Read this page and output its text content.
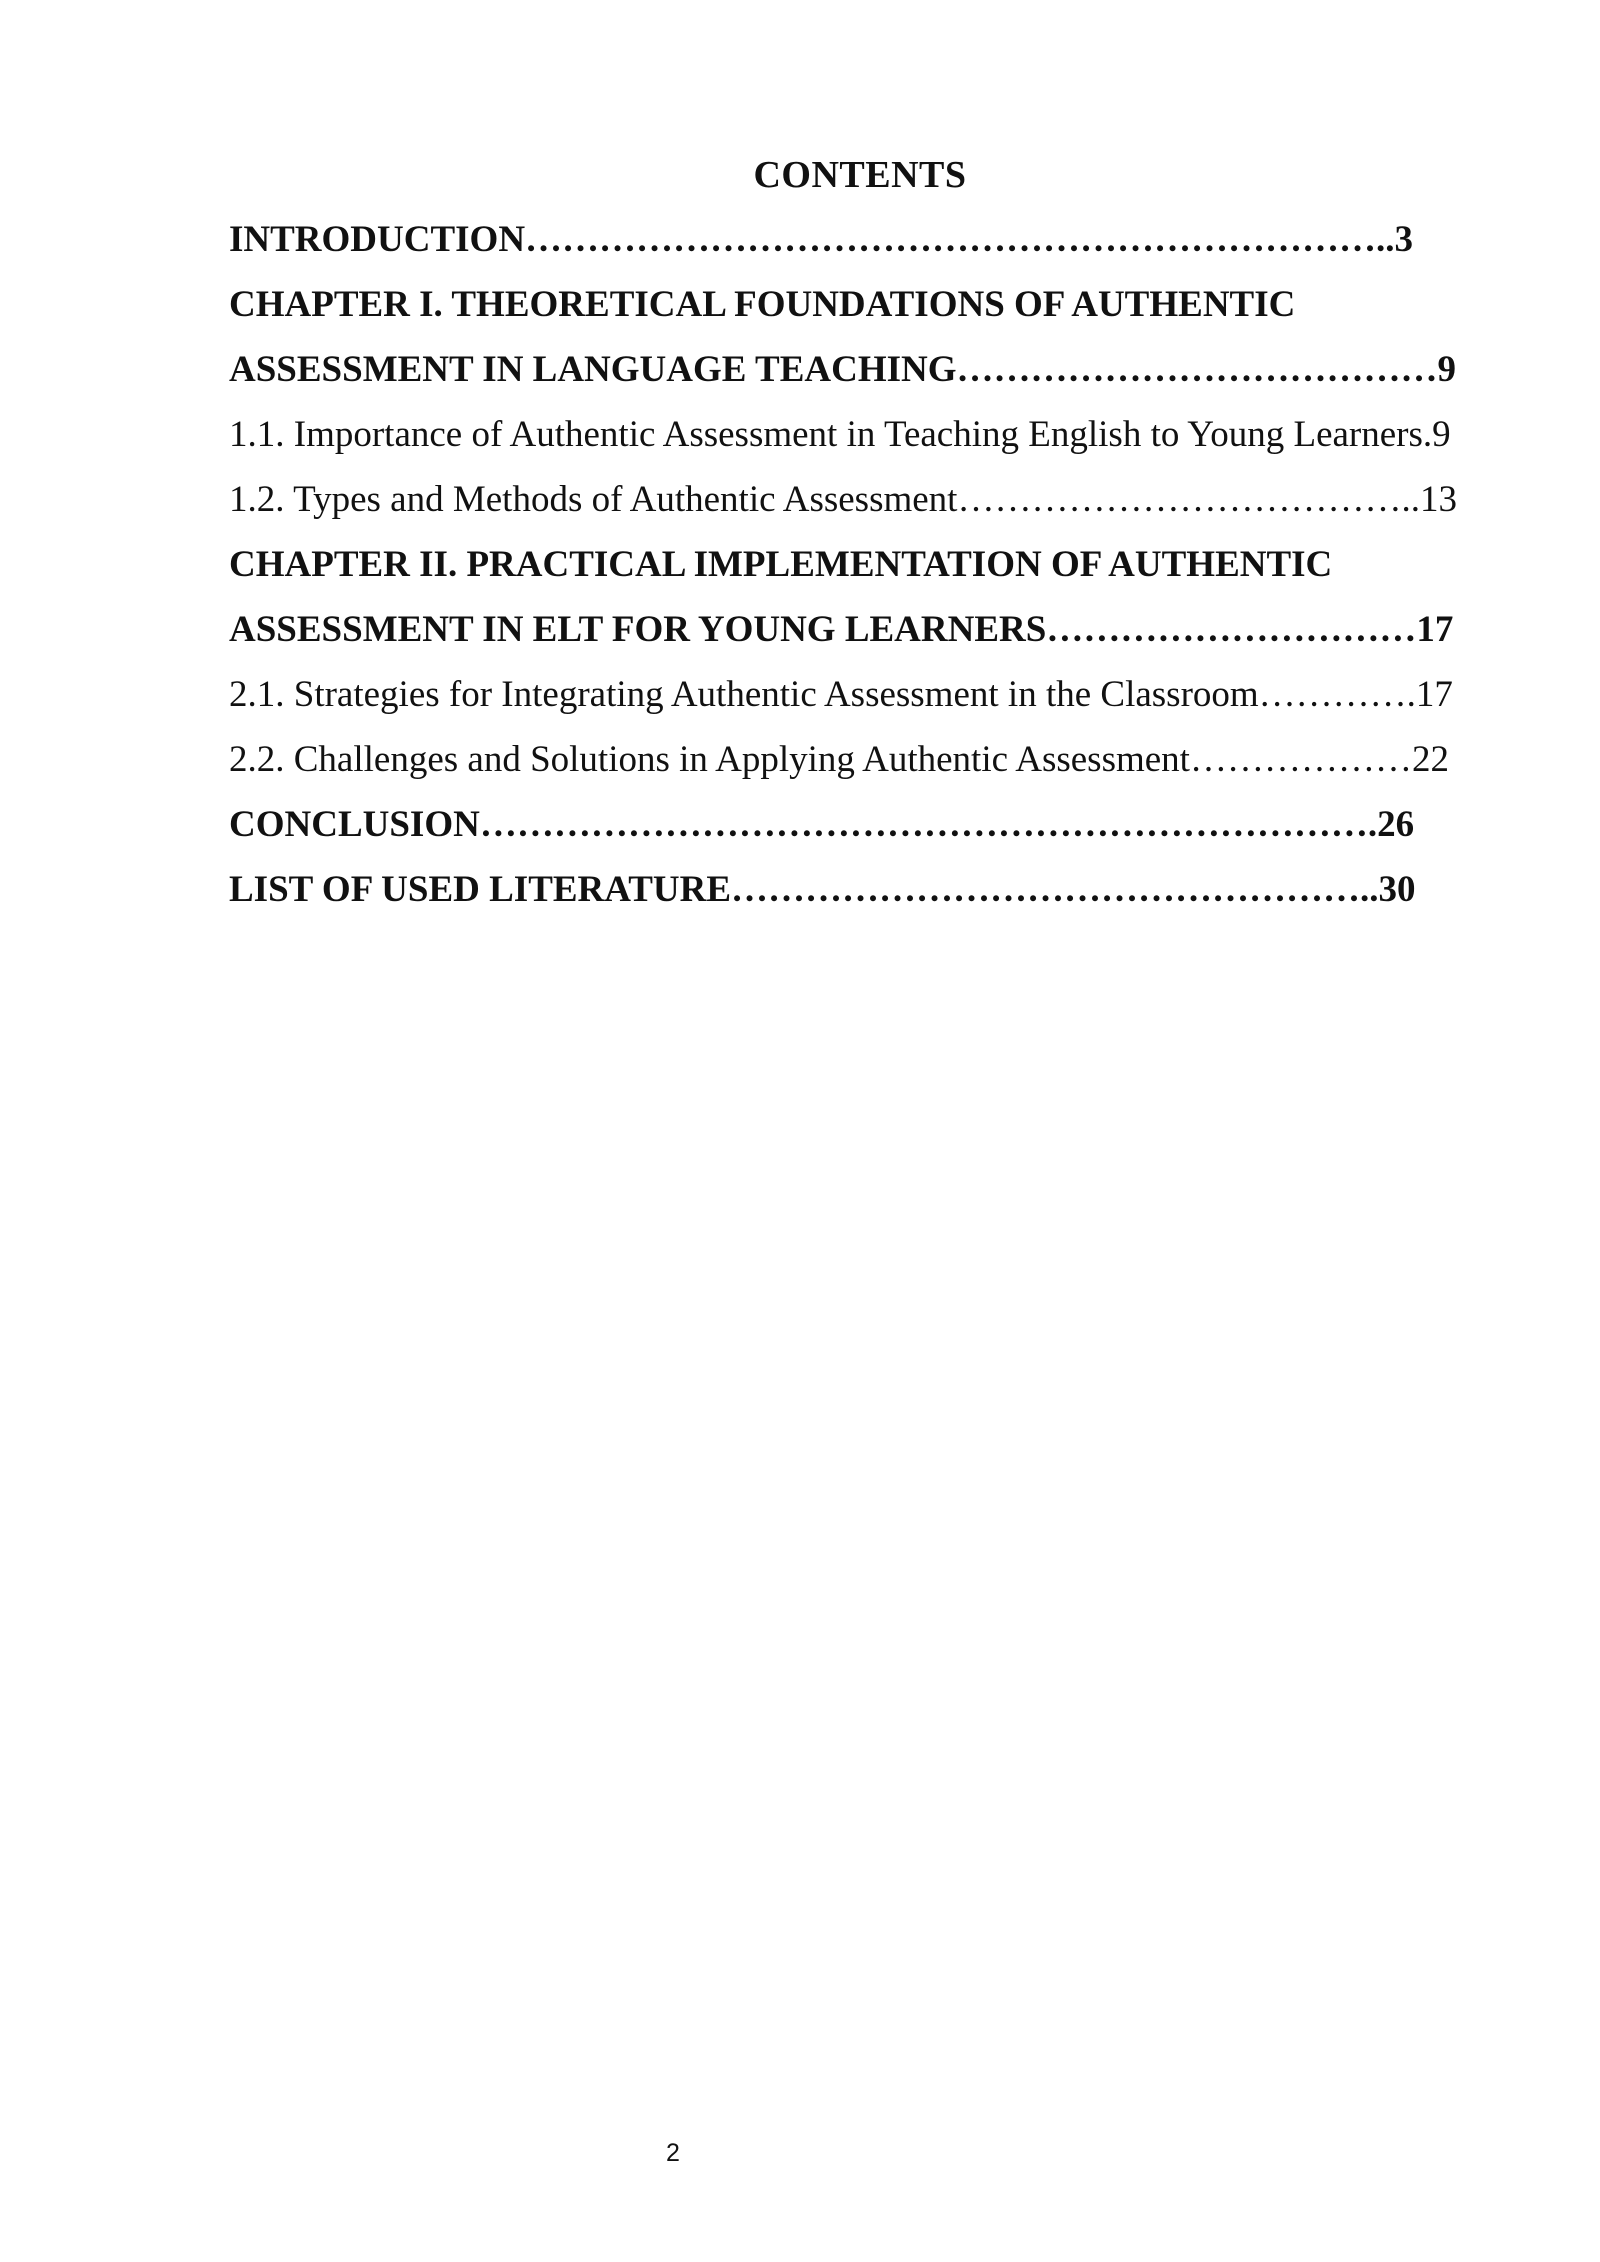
CONTENTS
INTRODUCTION……………………………………………………………..3
CHAPTER I. THEORETICAL FOUNDATIONS OF AUTHENTIC
ASSESSMENT IN LANGUAGE TEACHING…………………………………9
1.1. Importance of Authentic Assessment in Teaching English to Young Learners.9
1.2. Types and Methods of Authentic Assessment………………………………..13
CHAPTER II. PRACTICAL IMPLEMENTATION OF AUTHENTIC
ASSESSMENT IN ELT FOR YOUNG LEARNERS…………………………17
2.1. Strategies for Integrating Authentic Assessment in the Classroom………….17
2.2. Challenges and Solutions in Applying Authentic Assessment………………22
CONCLUSION……………………………………………………………….26
LIST OF USED LITERATURE……………………………………………..30
2
